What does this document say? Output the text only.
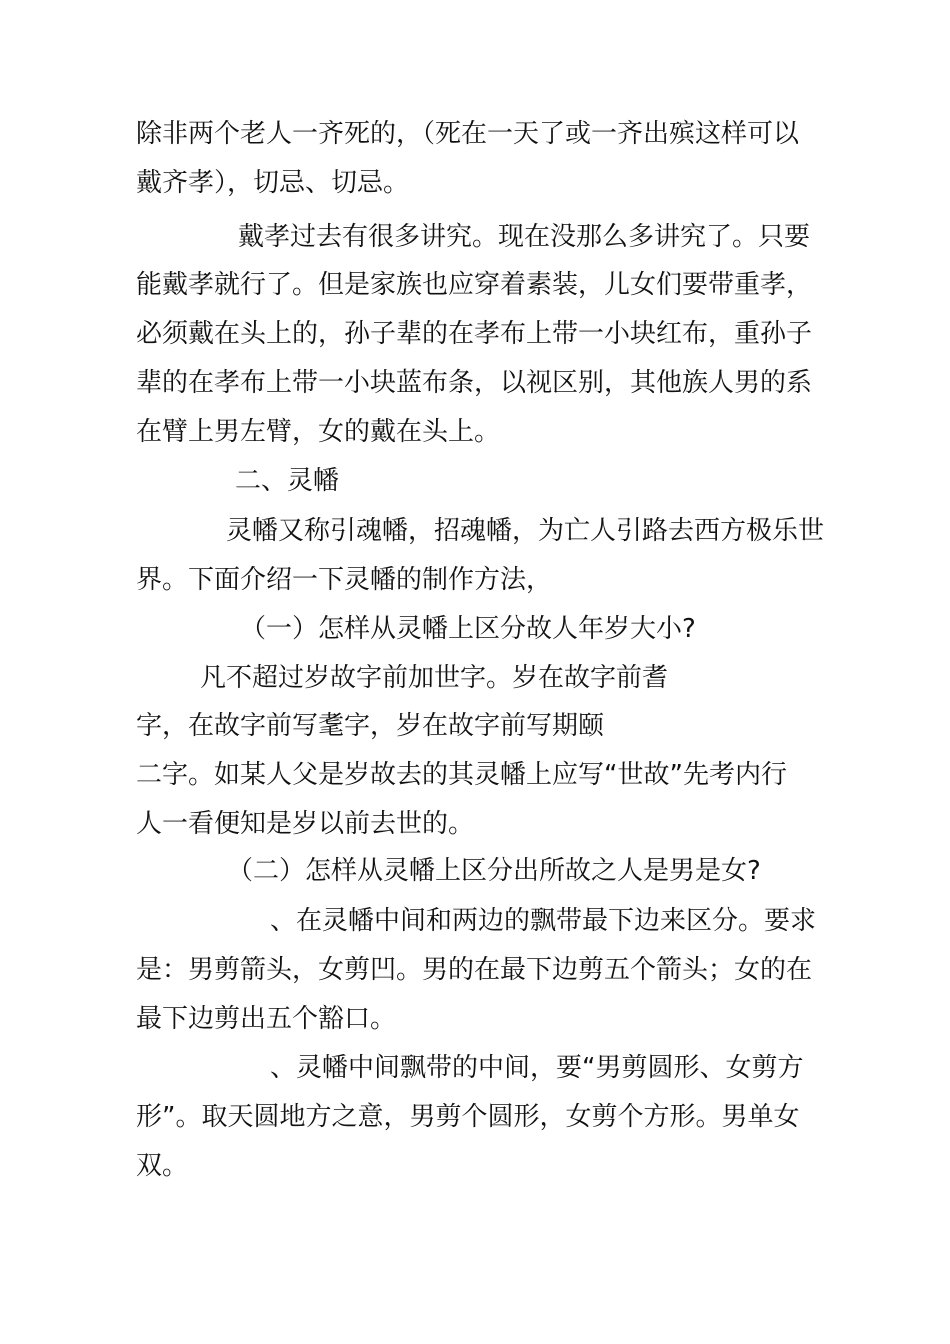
除非两个老人一齐死的，（死在一天了或一齐出殡这样可以
戴齐孝），切忌、切忌。
戴孝过去有很多讲究。现在没那么多讲究了。只要
能戴孝就行了。但是家族也应穿着素装，儿女们要带重孝，
必须戴在头上的，孙子辈的在孝布上带一小块红布，重孙子
辈的在孝布上带一小块蓝布条，以视区别，其他族人男的系
在臂上男左臂，女的戴在头上。
二、灵幡
灵幡又称引魂幡，招魂幡，为亡人引路去西方极乐世
界。下面介绍一下灵幡的制作方法，
（一）怎样从灵幡上区分故人年岁大小?
凡不超过岁故字前加世字。岁在故字前耆
字，在故字前写耄字，岁在故字前写期颐
二字。如某人父是岁故去的其灵幡上应写“世故”先考内行
人一看便知是岁以前去世的。
（二）怎样从灵幡上区分出所故之人是男是女?
、在灵幡中间和两边的飘带最下边来区分。要求
是：男剪箭头，女剪凹。男的在最下边剪五个箭头；女的在
最下边剪出五个豁口。
、灵幡中间飘带的中间，要“男剪圆形、女剪方
形”。取天圆地方之意，男剪个圆形，女剪个方形。男单女
双。
